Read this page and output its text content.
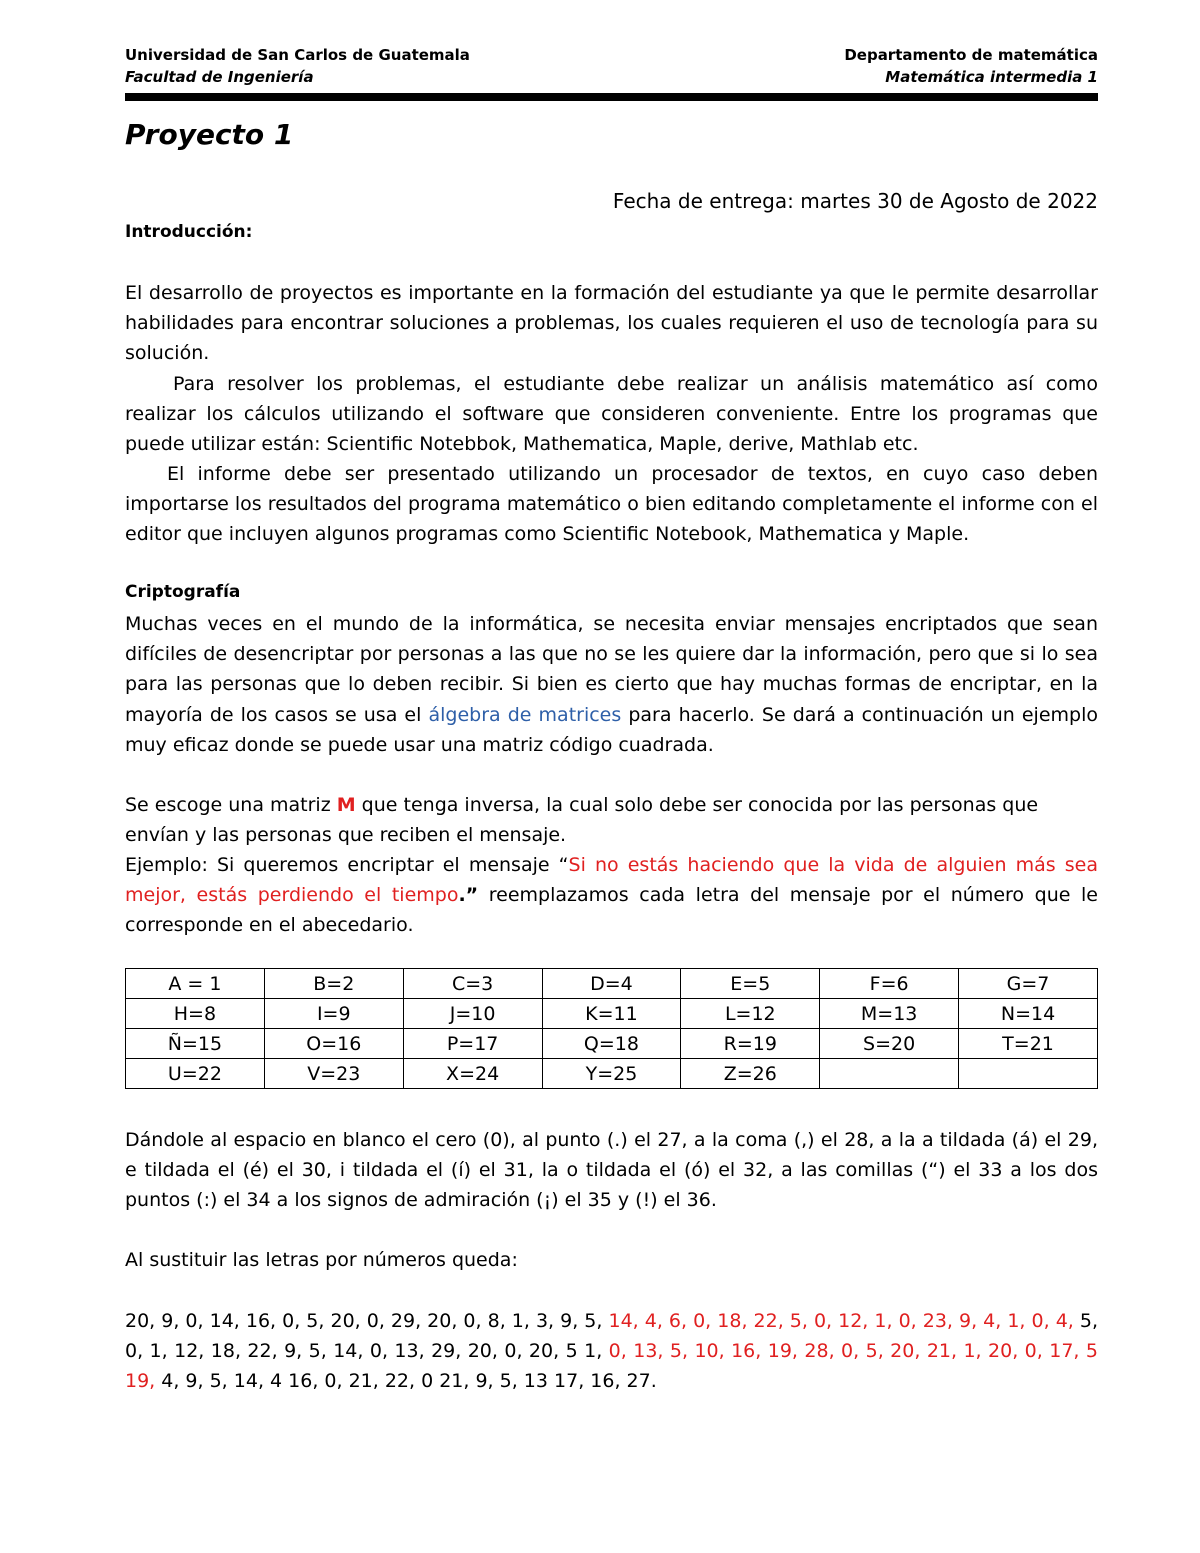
Universidad de San Carlos de Guatemala	Departamento de matemática
Facultad de Ingeniería	Matemática intermedia 1
Proyecto 1
Fecha de entrega: martes 30 de Agosto de 2022
Introducción:

El desarrollo de proyectos es importante en la formación del estudiante ya que le permite desarrollar habilidades para encontrar soluciones a problemas, los cuales requieren el uso de tecnología para su solución.

Para resolver los problemas, el estudiante debe realizar un análisis matemático así como realizar los cálculos utilizando el software que consideren conveniente. Entre los programas que puede utilizar están: Scientific Notebbok, Mathematica, Maple, derive, Mathlab etc.

El informe debe ser presentado utilizando un procesador de textos, en cuyo caso deben importarse los resultados del programa matemático o bien editando completamente el informe con el editor que incluyen algunos programas como Scientific Notebook, Mathematica y Maple.

Criptografía

Muchas veces en el mundo de la informática, se necesita enviar mensajes encriptados que sean difíciles de desencriptar por personas a las que no se les quiere dar la información, pero que si lo sea para las personas que lo deben recibir. Si bien es cierto que hay muchas formas de encriptar, en la mayoría de los casos se usa el álgebra de matrices para hacerlo. Se dará a continuación un ejemplo muy eficaz donde se puede usar una matriz código cuadrada.

Se escoge una matriz M que tenga inversa, la cual solo debe ser conocida por las personas que envían y las personas que reciben el mensaje.

Ejemplo: Si queremos encriptar el mensaje “Si no estás haciendo que la vida de alguien más sea mejor, estás perdiendo el tiempo.” reemplazamos cada letra del mensaje por el número que le corresponde en el abecedario.

A = 1	B=2	C=3	D=4	E=5	F=6	G=7
H=8	I=9	J=10	K=11	L=12	M=13	N=14
Ñ=15	O=16	P=17	Q=18	R=19	S=20	T=21
U=22	V=23	X=24	Y=25	Z=26		

Dándole al espacio en blanco el cero (0), al punto (.) el 27, a la coma (,) el 28, a la a tildada (á) el 29, e tildada el (é) el 30, i tildada el (í) el 31, la o tildada el (ó) el 32, a las comillas (“) el 33 a los dos puntos (:) el 34 a los signos de admiración (¡) el 35 y (!) el 36.

Al sustituir las letras por números queda:

20, 9, 0, 14, 16, 0, 5, 20, 0, 29, 20, 0, 8, 1, 3, 9, 5, 14, 4, 6, 0, 18, 22, 5, 0, 12, 1, 0, 23, 9, 4, 1, 0, 4, 5, 0, 1, 12, 18, 22, 9, 5, 14, 0, 13, 29, 20, 0, 20, 5 1, 0, 13, 5, 10, 16, 19, 28, 0, 5, 20, 21, 1, 20, 0, 17, 5 19, 4, 9, 5, 14, 4 16, 0, 21, 22, 0 21, 9, 5, 13 17, 16, 27.
